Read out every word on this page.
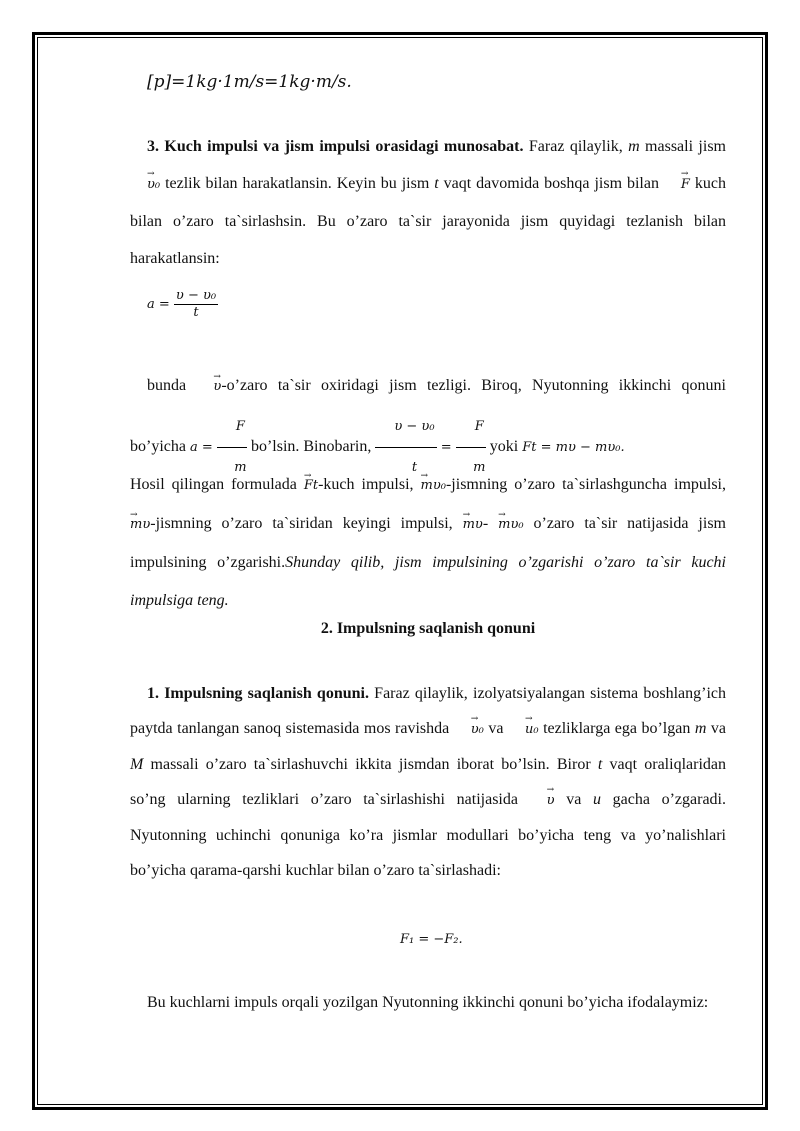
[p]=1kg·1m/s=1kg·m/s.

3. Kuch impulsi va jism impulsi orasidagi munosabat. Faraz qilaylik, m massali jism → υ₀ tezlik bilan harakatlansin. Keyin bu jism t vaqt davomida boshqa jism bilan → F kuch bilan o’zaro ta`sirlashsin. Bu o’zaro ta`sir jarayonida jism quyidagi tezlanish bilan harakatlansin:

$a = \frac{\text{υ − υ₀}}{t}$

bunda → υ-o’zaro ta`sir oxiridagi jism tezligi. Biroq, Nyutonning ikkinchi qonuni bo’yicha $a = \frac{F}{m}$ bo’lsin. Binobarin, $\frac{\text{υ − υ₀}}{t} = \frac{F}{m}$ yoki Ft = mυ − mυ₀.

Hosil qilingan formulada → Ft-kuch impulsi, → mυ₀-jismning o’zaro ta`sirlashguncha impulsi, → mυ-jismning o’zaro ta`siridan keyingi impulsi, → mυ- → mυ₀ o’zaro ta`sir natijasida jism impulsining o’zgarishi.Shunday qilib, jism impulsining o’zgarishi o’zaro ta`sir kuchi impulsiga teng.

2. Impulsning saqlanish qonuni

1. Impulsning saqlanish qonuni. Faraz qilaylik, izolyatsiyalangan sistema boshlang’ich paytda tanlangan sanoq sistemasida mos ravishda → υ₀ va → u₀ tezliklarga ega bo’lgan m va M massali o’zaro ta`sirlashuvchi ikkita jismdan iborat bo’lsin. Biror t vaqt oraliqlaridan so’ng ularning tezliklari o’zaro ta`sirlashishi natijasida → υ va u gacha o’zgaradi. Nyutonning uchinchi qonuniga ko’ra jismlar modullari bo’yicha teng va yo’nalishlari bo’yicha qarama-qarshi kuchlar bilan o’zaro ta`sirlashadi:

F₁ = −F₂.

Bu kuchlarni impuls orqali yozilgan Nyutonning ikkinchi qonuni bo’yicha ifodalaymiz:
